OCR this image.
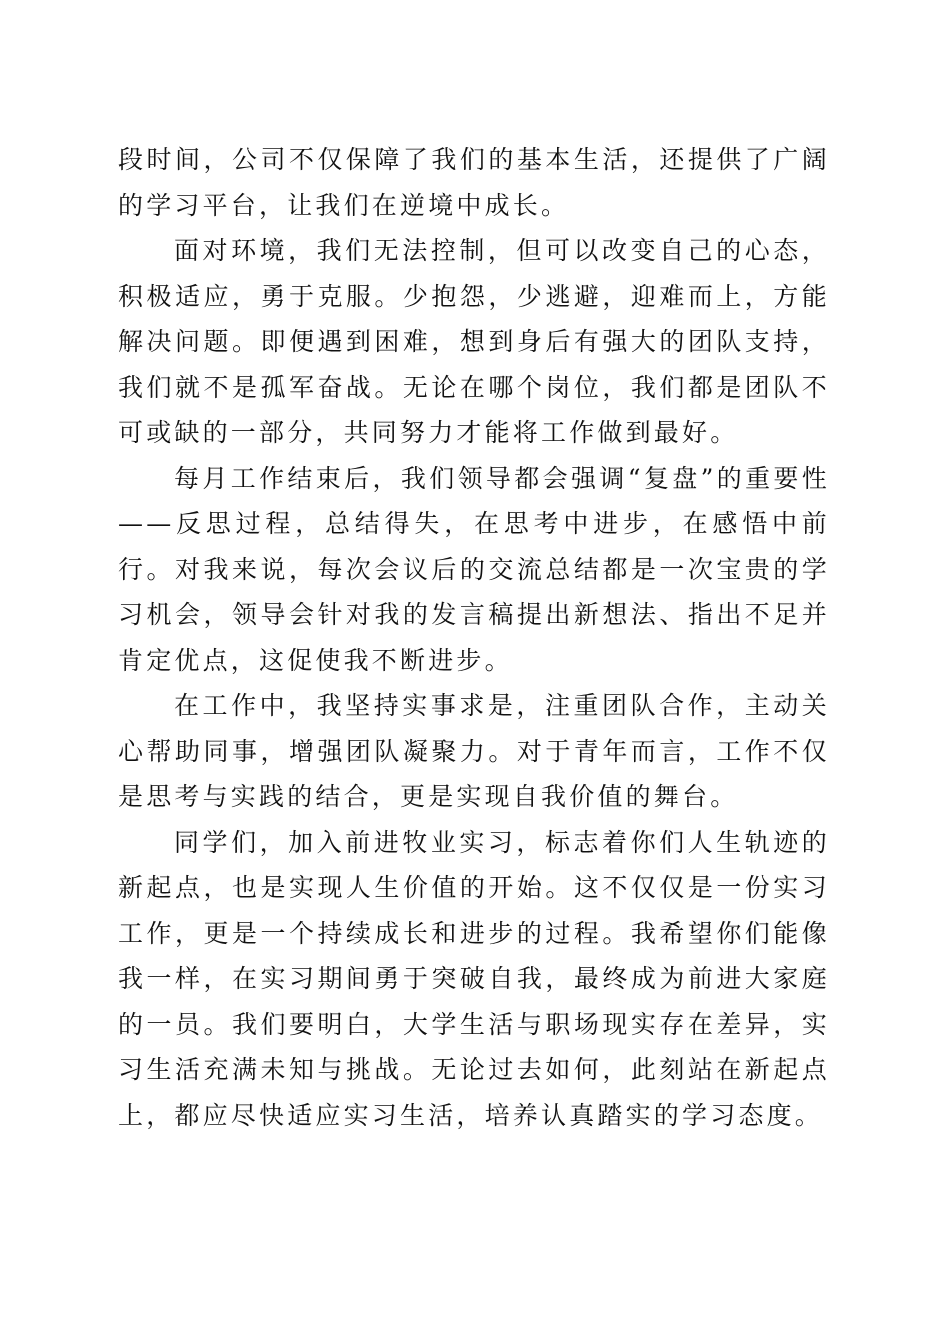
段时间，公司不仅保障了我们的基本生活，还提供了广阔的学习平台，让我们在逆境中成长。

面对环境，我们无法控制，但可以改变自己的心态，积极适应，勇于克服。少抱怨，少逃避，迎难而上，方能解决问题。即便遇到困难，想到身后有强大的团队支持，我们就不是孤军奋战。无论在哪个岗位，我们都是团队不可或缺的一部分，共同努力才能将工作做到最好。

每月工作结束后，我们领导都会强调“复盘”的重要性——反思过程，总结得失，在思考中进步，在感悟中前行。对我来说，每次会议后的交流总结都是一次宝贵的学习机会，领导会针对我的发言稿提出新想法、指出不足并肯定优点，这促使我不断进步。

在工作中，我坚持实事求是，注重团队合作，主动关心帮助同事，增强团队凝聚力。对于青年而言，工作不仅是思考与实践的结合，更是实现自我价值的舞台。

同学们，加入前进牧业实习，标志着你们人生轨迹的新起点，也是实现人生价值的开始。这不仅仅是一份实习工作，更是一个持续成长和进步的过程。我希望你们能像我一样，在实习期间勇于突破自我，最终成为前进大家庭的一员。我们要明白，大学生活与职场现实存在差异，实习生活充满未知与挑战。无论过去如何，此刻站在新起点上，都应尽快适应实习生活，培养认真踏实的学习态度。
